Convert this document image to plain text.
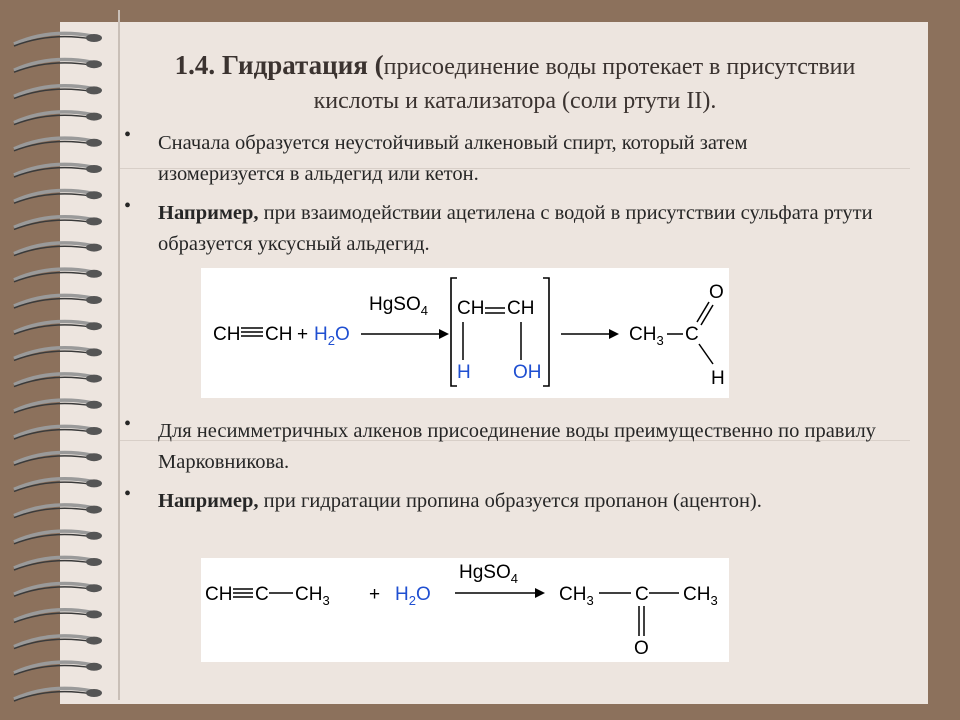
1.4. Гидратация (присоединение воды протекает в присутствии
кислоты и катализатора (соли ртути II).
• Сначала образуется неустойчивый алкеновый спирт, который затем изомеризуется в альдегид или кетон.
• Например, при взаимодействии ацетилена с водой в присутствии сульфата ртути образуется уксусный альдегид.
• Для несимметричных алкенов присоединение воды преимущественно по правилу Марковникова.
• Например, при гидратации пропина образуется пропанон (ацентон).
CH CH + $H_2O$
HgSO$_4$ CH CH
H OH
$CH_3$ C
O
H
CH C $CH_3 + H_2O$
HgSO$_4$
$CH_3$ C $CH_3$
O
